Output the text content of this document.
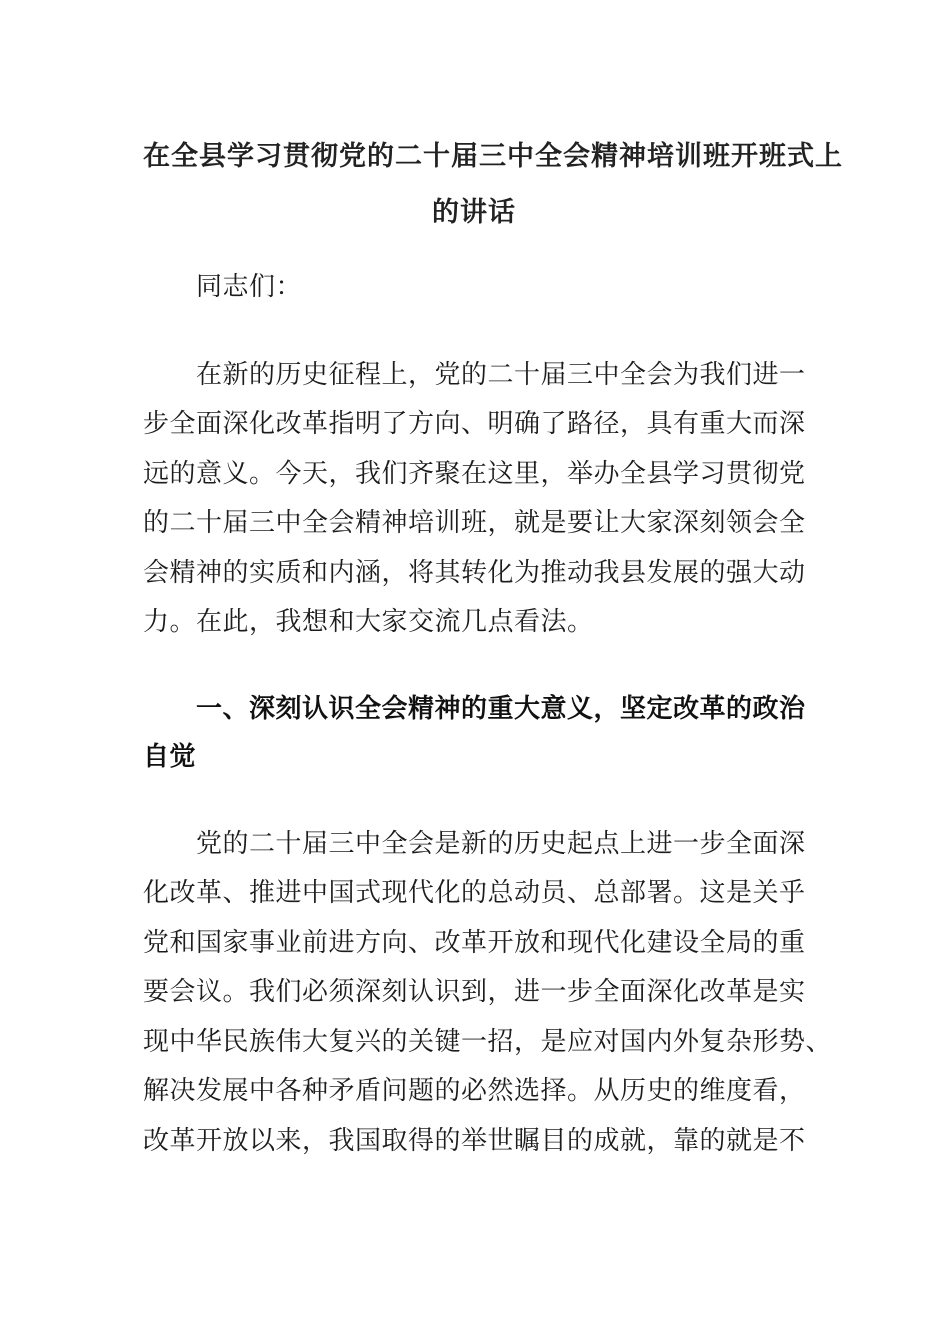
在全县学习贯彻党的二十届三中全会精神培训班开班式上
的讲话
同志们：
在新的历史征程上，党的二十届三中全会为我们进一
步全面深化改革指明了方向、明确了路径，具有重大而深
远的意义。今天，我们齐聚在这里，举办全县学习贯彻党
的二十届三中全会精神培训班，就是要让大家深刻领会全
会精神的实质和内涵，将其转化为推动我县发展的强大动
力。在此，我想和大家交流几点看法。
一、深刻认识全会精神的重大意义，坚定改革的政治
自觉
党的二十届三中全会是新的历史起点上进一步全面深
化改革、推进中国式现代化的总动员、总部署。这是关乎
党和国家事业前进方向、改革开放和现代化建设全局的重
要会议。我们必须深刻认识到，进一步全面深化改革是实
现中华民族伟大复兴的关键一招，是应对国内外复杂形势、
解决发展中各种矛盾问题的必然选择。从历史的维度看，
改革开放以来，我国取得的举世瞩目的成就，靠的就是不
